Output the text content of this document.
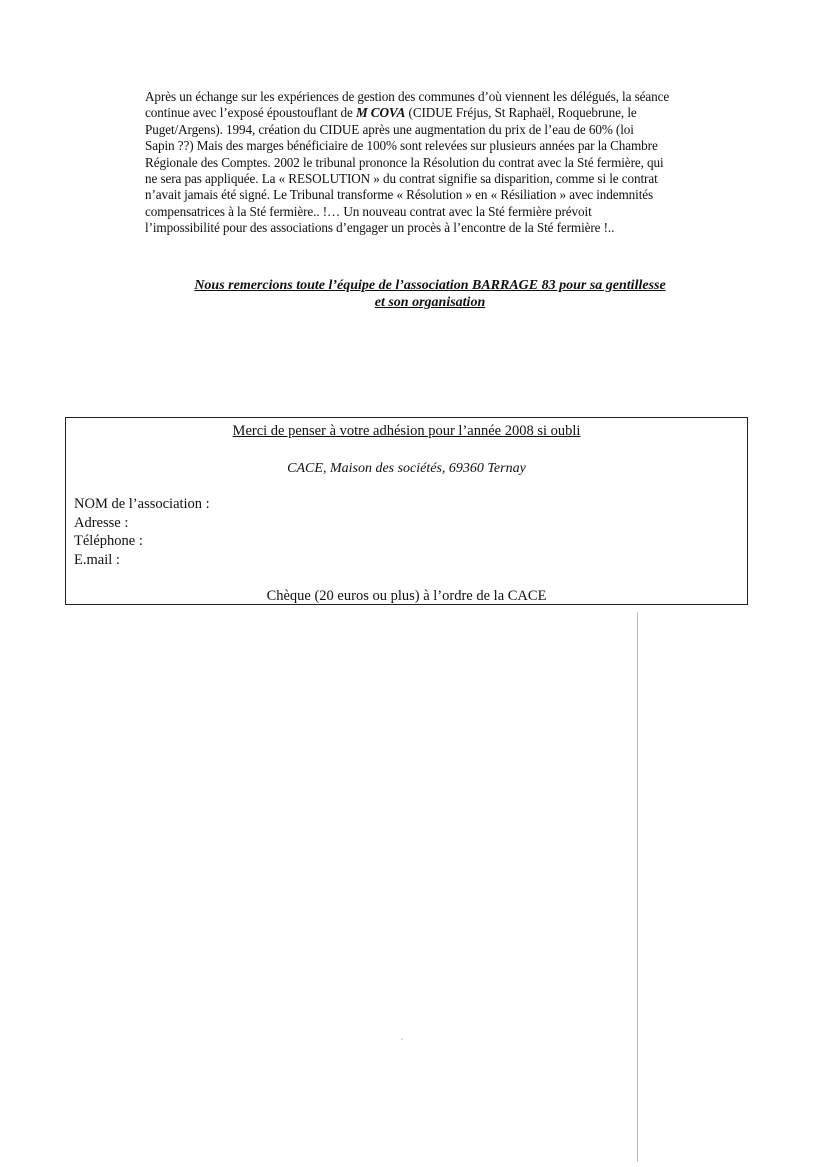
Après un échange sur les expériences de gestion des communes d’où viennent les délégués, la séance
continue avec l’exposé époustouflant de M COVA (CIDUE Fréjus, St Raphaël, Roquebrune, le
Puget/Argens). 1994, création du CIDUE après une augmentation du prix de l’eau de 60% (loi
Sapin ??) Mais des marges bénéficiaire de 100% sont relevées sur plusieurs années par la Chambre
Régionale des Comptes. 2002 le tribunal prononce la Résolution du contrat avec la Sté fermière, qui
ne sera pas appliquée. La « RESOLUTION » du contrat signifie sa disparition, comme si le contrat
n’avait jamais été signé. Le Tribunal transforme « Résolution » en « Résiliation » avec indemnités
compensatrices à la Sté fermière.. !… Un nouveau contrat avec la Sté fermière prévoit
l’impossibilité pour des associations d’engager un procès à l’encontre de la Sté fermière !..
Nous remercions toute l’équipe de l’association BARRAGE 83 pour sa gentillesse
et son organisation
Merci de penser à votre adhésion pour l’année 2008 si oubli
CACE, Maison des sociétés, 69360 Ternay
NOM de l’association :
Adresse :
Téléphone :
E.mail :
Chèque (20 euros ou plus) à l’ordre de la CACE
